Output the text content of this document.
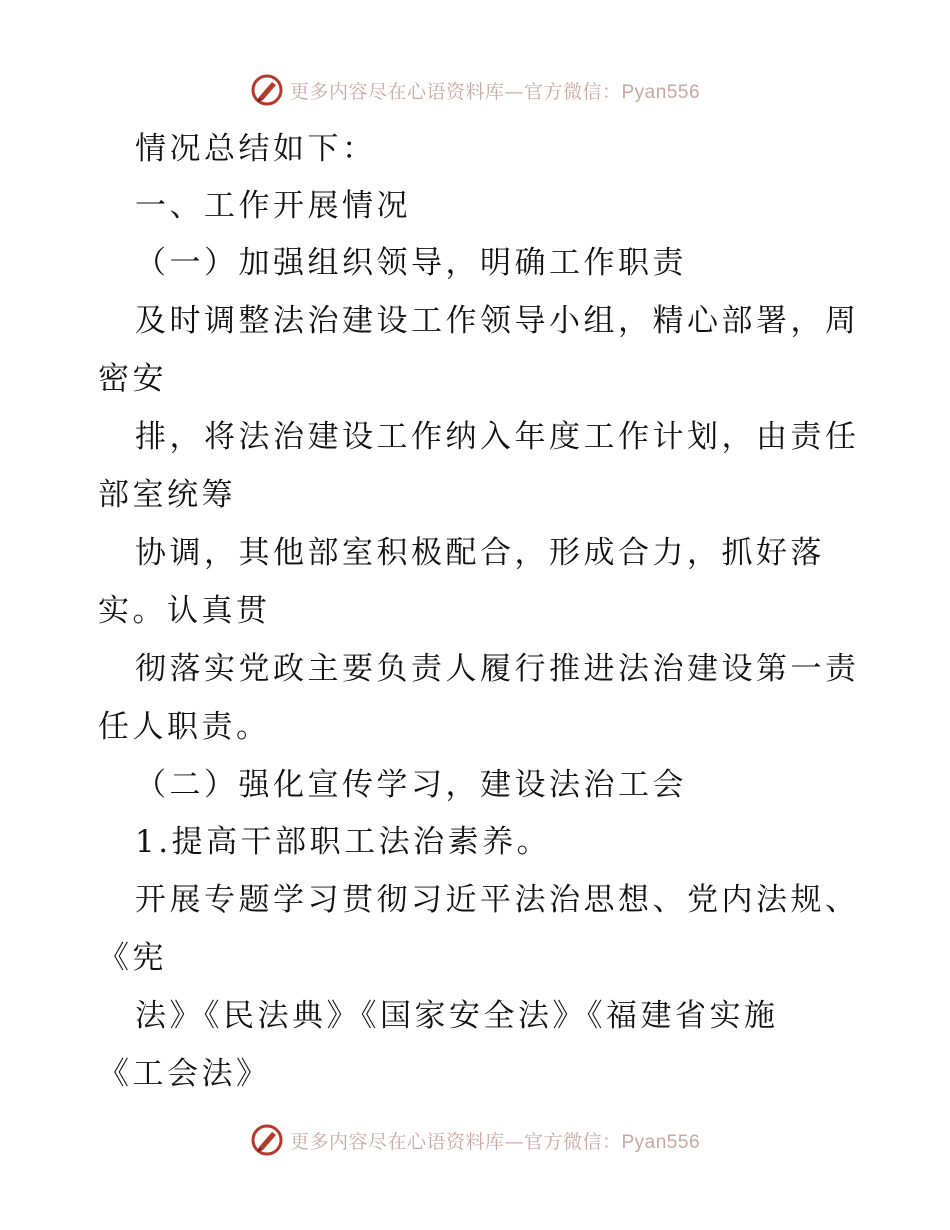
更多内容尽在心语资料库—官方微信：Pyan556
情况总结如下：
一、工作开展情况
（一）加强组织领导，明确工作职责
及时调整法治建设工作领导小组，精心部署，周
密安
排，将法治建设工作纳入年度工作计划，由责任
部室统筹
协调，其他部室积极配合，形成合力，抓好落
实。认真贯
彻落实党政主要负责人履行推进法治建设第一责
任人职责。
（二）强化宣传学习，建设法治工会
1.提高干部职工法治素养。
开展专题学习贯彻习近平法治思想、党内法规、
《宪
法》《民法典》《国家安全法》《福建省实施
《工会法》
更多内容尽在心语资料库—官方微信：Pyan556
